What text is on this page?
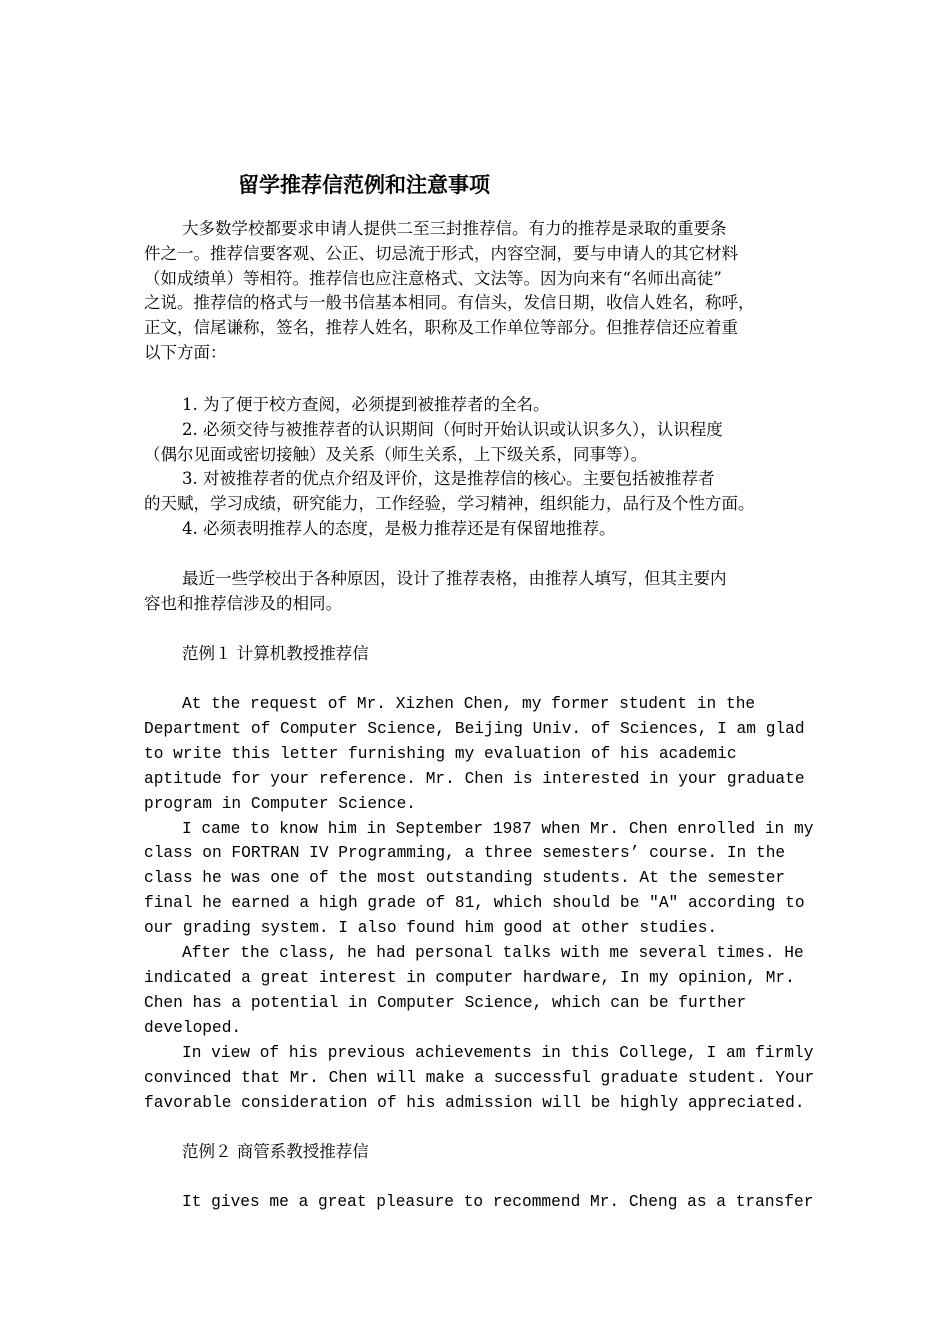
留学推荐信范例和注意事项
大多数学校都要求申请人提供二至三封推荐信。有力的推荐是录取的重要条
件之一。推荐信要客观、公正、切忌流于形式，内容空洞，要与申请人的其它材料
（如成绩单）等相符。推荐信也应注意格式、文法等。因为向来有“名师出高徒”
之说。推荐信的格式与一般书信基本相同。有信头，发信日期，收信人姓名，称呼，
正文，信尾谦称，签名，推荐人姓名，职称及工作单位等部分。但推荐信还应着重
以下方面：
1. 为了便于校方查阅，必须提到被推荐者的全名。
2. 必须交待与被推荐者的认识期间（何时开始认识或认识多久），认识程度
（偶尔见面或密切接触）及关系（师生关系，上下级关系，同事等）。
3. 对被推荐者的优点介绍及评价，这是推荐信的核心。主要包括被推荐者
的天赋，学习成绩，研究能力，工作经验，学习精神，组织能力，品行及个性方面。
4. 必须表明推荐人的态度，是极力推荐还是有保留地推荐。
最近一些学校出于各种原因，设计了推荐表格，由推荐人填写，但其主要内
容也和推荐信涉及的相同。
范例１ 计算机教授推荐信
At the request of Mr. Xizhen Chen, my former student in the
Department of Computer Science, Beijing Univ. of Sciences, I am glad
to write this letter furnishing my evaluation of his academic
aptitude for your reference. Mr. Chen is interested in your graduate
program in Computer Science.
I came to know him in September 1987 when Mr. Chen enrolled in my
class on FORTRAN IV Programming, a three semesters’ course. In the
class he was one of the most outstanding students. At the semester
final he earned a high grade of 81, which should be "A" according to
our grading system. I also found him good at other studies.
After the class, he had personal talks with me several times. He
indicated a great interest in computer hardware, In my opinion, Mr.
Chen has a potential in Computer Science, which can be further
developed.
In view of his previous achievements in this College, I am firmly
convinced that Mr. Chen will make a successful graduate student. Your
favorable consideration of his admission will be highly appreciated.
范例２ 商管系教授推荐信
It gives me a great pleasure to recommend Mr. Cheng as a transfer
